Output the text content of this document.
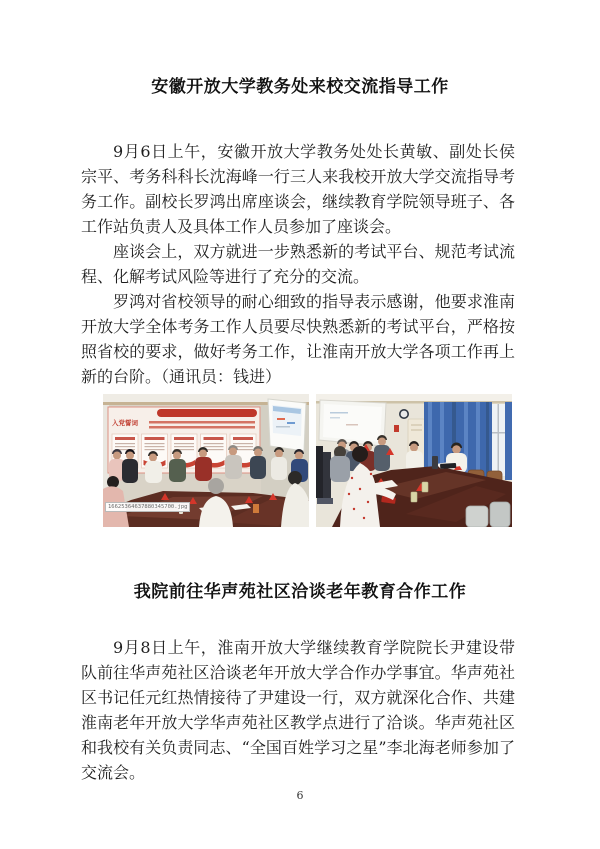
安徽开放大学教务处来校交流指导工作

9月6日上午，安徽开放大学教务处处长黄敏、副处长侯宗平、考务科科长沈海峰一行三人来我校开放大学交流指导考务工作。副校长罗鸿出席座谈会，继续教育学院领导班子、各工作站负责人及具体工作人员参加了座谈会。

座谈会上，双方就进一步熟悉新的考试平台、规范考试流程、化解考试风险等进行了充分的交流。

罗鸿对省校领导的耐心细致的指导表示感谢，他要求淮南开放大学全体考务工作人员要尽快熟悉新的考试平台，严格按照省校的要求，做好考务工作，让淮南开放大学各项工作再上新的台阶。（通讯员：钱进）

入党誓词
16625364637880345700.jpg
我院前往华声苑社区洽谈老年教育合作工作

9月8日上午，淮南开放大学继续教育学院院长尹建设带队前往华声苑社区洽谈老年开放大学合作办学事宜。华声苑社区书记任元红热情接待了尹建设一行，双方就深化合作、共建淮南老年开放大学华声苑社区教学点进行了洽谈。华声苑社区和我校有关负责同志、“全国百姓学习之星”李北海老师参加了交流会。

6
